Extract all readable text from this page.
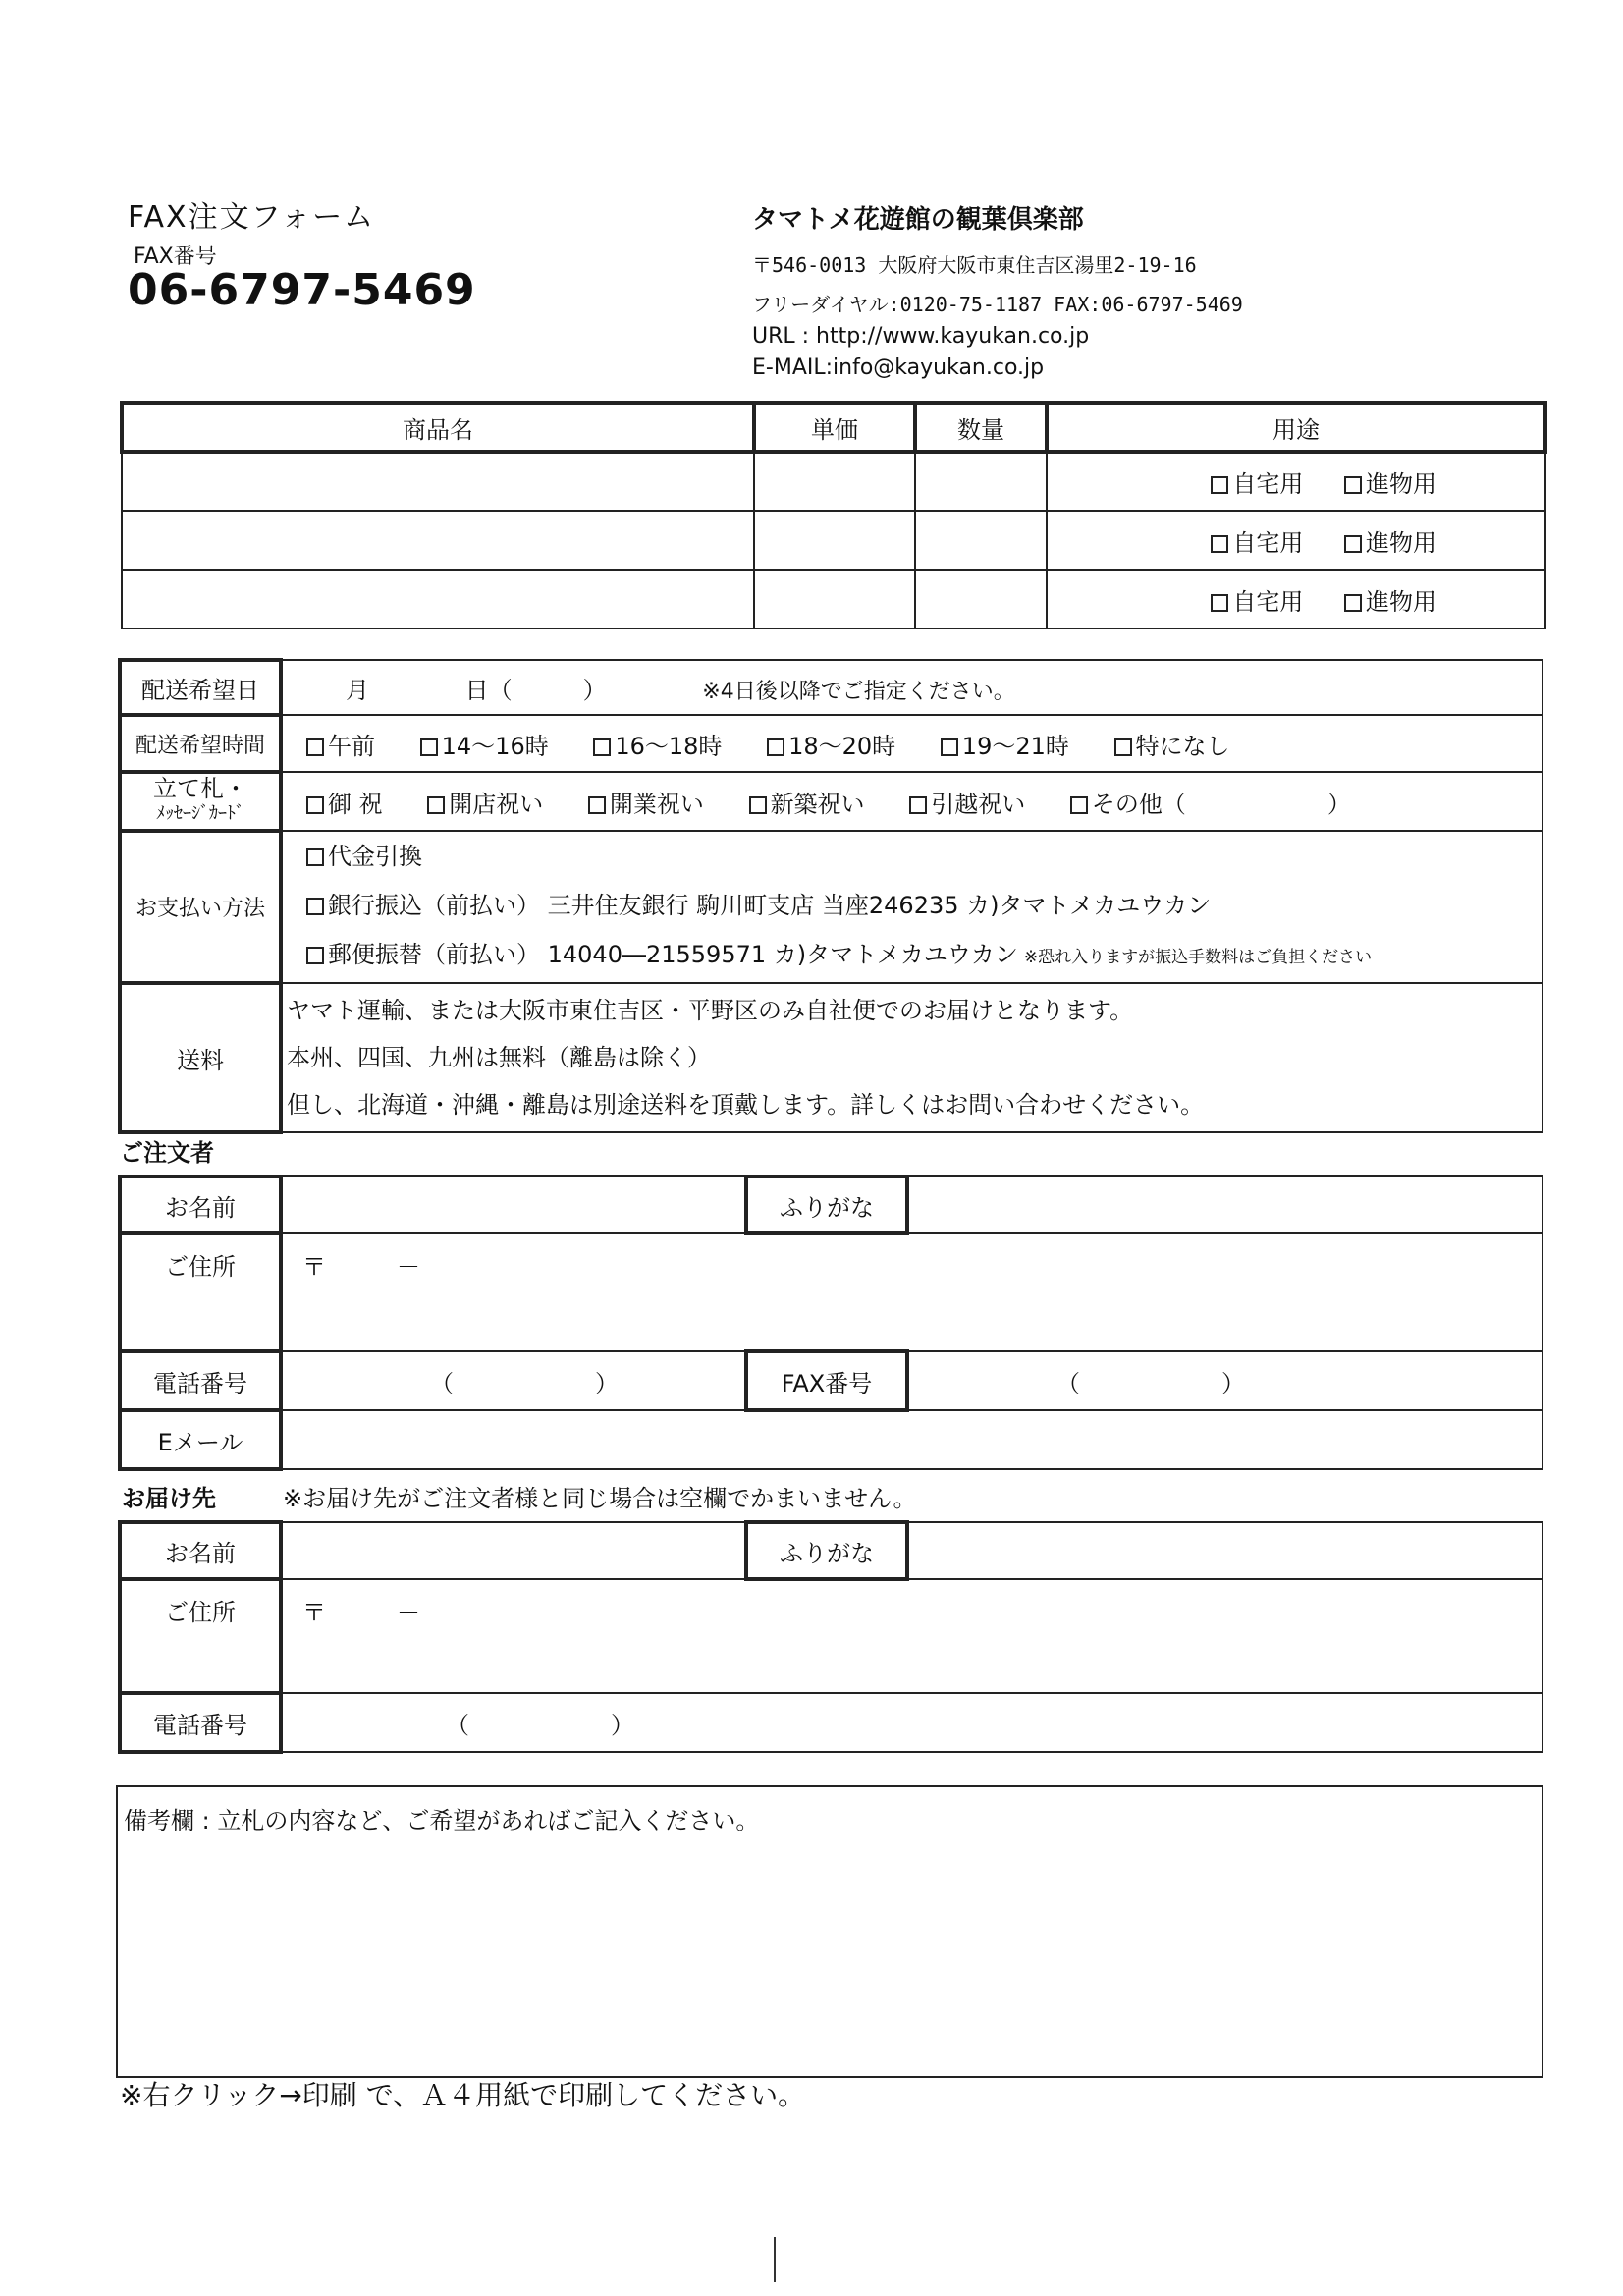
FAX注文フォーム
FAX番号
06-6797-5469
タマトメ花遊館の観葉倶楽部
〒546-0013 大阪府大阪市東住吉区湯里2-19-16
フリーダイヤル:0120-75-1187 FAX:06-6797-5469
URL : http://www.kayukan.co.jp
E-MAIL:info@kayukan.co.jp
商品名	単価	数量	用途
			自宅用 進物用
			自宅用 進物用
			自宅用 進物用
配送希望日	月 日（　　　） ※4日後以降でご指定ください。
配送希望時間	午前 14～16時 16～18時 18～20時 19～21時 特になし

立て札・
ﾒｯｾｰｼﾞｶｰﾄﾞ	御 祝 開店祝い 開業祝い 新築祝い 引越祝い その他（　　　　　　）
お支払い方法	代金引換
銀行振込（前払い） 三井住友銀行 駒川町支店 当座246235 カ)タマトメカユウカン
郵便振替（前払い） 14040―21559571 カ)タマトメカユウカン ※恐れ入りますが振込手数料はご負担ください

送料	ヤマト運輸、または大阪市東住吉区・平野区のみ自社便でのお届けとなります。
本州、四国、九州は無料（離島は除く）
但し、北海道・沖縄・離島は別途送料を頂戴します。詳しくはお問い合わせください。
ご注文者
お名前		ふりがな	
ご住所	〒　　　－		
電話番号	（　　　　　　）	FAX番号	（　　　　　　）
Eメール			
お届け先	※お届け先がご注文者様と同じ場合は空欄でかまいません。
お名前		ふりがな	
ご住所	〒　　　－		
電話番号	（　　　　　　）		
備考欄 : 立札の内容など、ご希望があればご記入ください。
※右クリック→印刷 で、Ａ４用紙で印刷してください。
